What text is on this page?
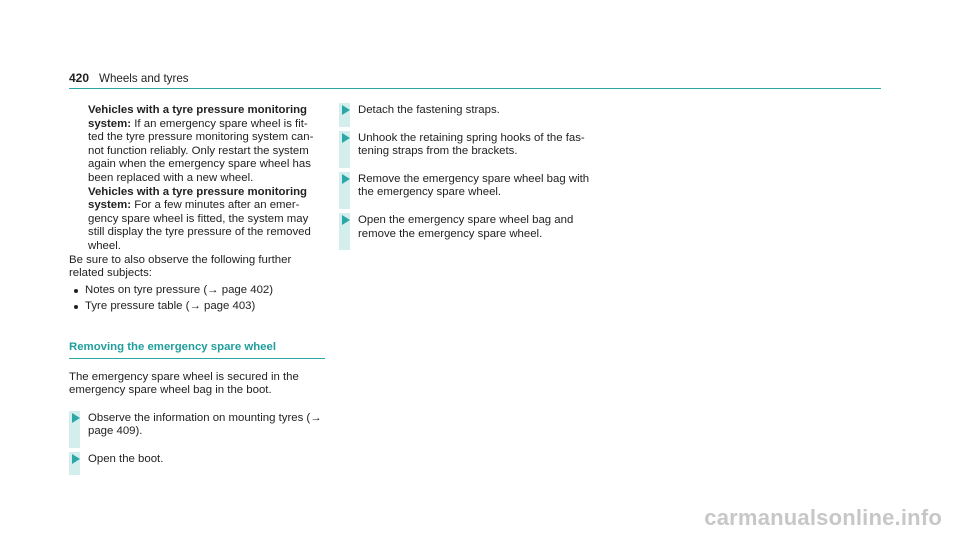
420 Wheels and tyres

Vehicles with a tyre pressure monitoring system: If an emergency spare wheel is fit- ted the tyre pressure monitoring system can- not function reliably. Only restart the system again when the emergency spare wheel has been replaced with a new wheel.

Vehicles with a tyre pressure monitoring system: For a few minutes after an emer- gency spare wheel is fitted, the system may still display the tyre pressure of the removed wheel.

Be sure to also observe the following further related subjects:

Notes on tyre pressure (→ page 402)
Tyre pressure table (→ page 403)
Removing the emergency spare wheel

The emergency spare wheel is secured in the emergency spare wheel bag in the boot.

Observe the information on mounting tyres (→ page 409).
Open the boot.
Detach the fastening straps.
Unhook the retaining spring hooks of the fas- tening straps from the brackets.
Remove the emergency spare wheel bag with the emergency spare wheel.
Open the emergency spare wheel bag and remove the emergency spare wheel.
carmanualsonline.info
